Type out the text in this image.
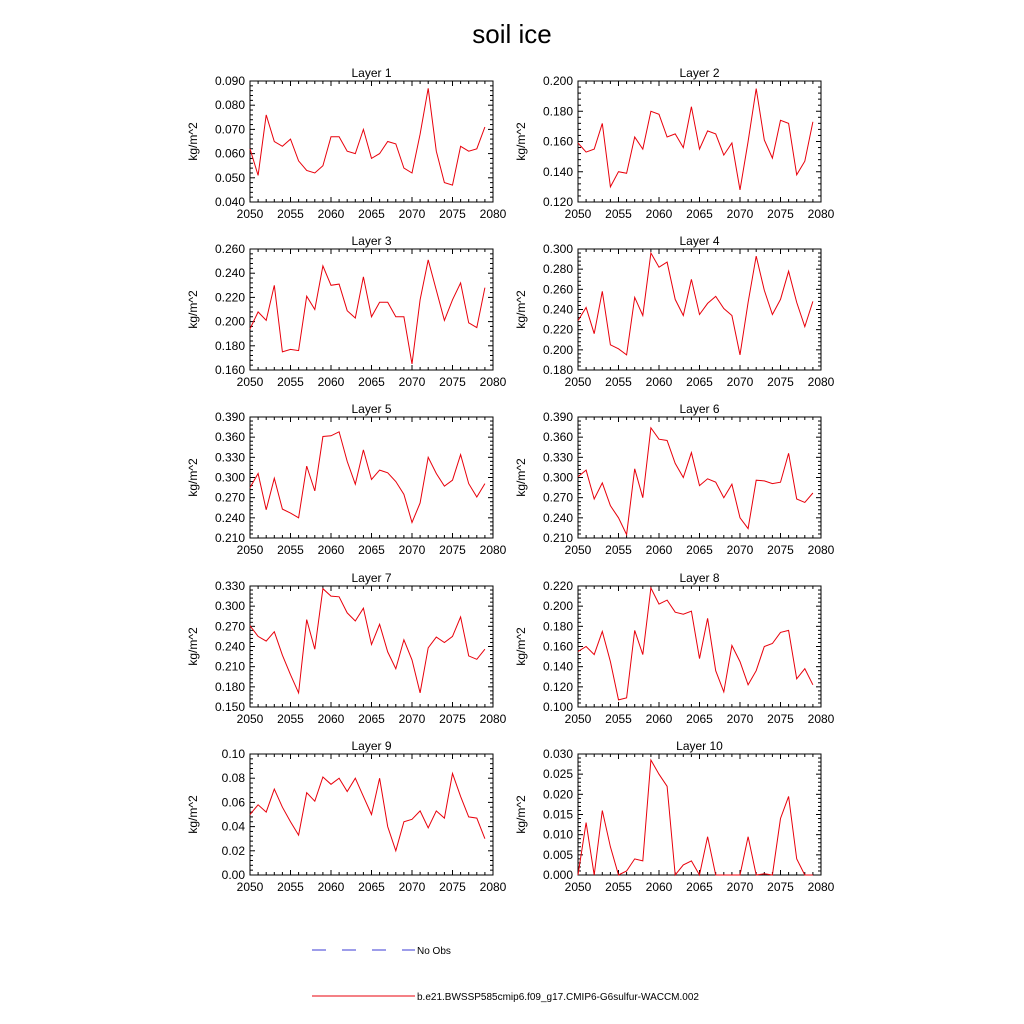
soil ice
Layer 1
0.040
0.050
0.060
0.070
0.080
0.090
2050 2055 2060 2065 2070 2075 2080
kg/m^2
Layer 2
0.120
0.140
0.160
0.180
0.200
2050 2055 2060 2065 2070 2075 2080
kg/m^2
Layer 3
0.160
0.180
0.200
0.220
0.240
0.260
2050 2055 2060 2065 2070 2075 2080
kg/m^2
Layer 4
0.180
0.200
0.220
0.240
0.260
0.280
0.300
2050 2055 2060 2065 2070 2075 2080
kg/m^2
Layer 5
0.210
0.240
0.270
0.300
0.330
0.360
0.390
2050 2055 2060 2065 2070 2075 2080
kg/m^2
Layer 6
0.210
0.240
0.270
0.300
0.330
0.360
0.390
2050 2055 2060 2065 2070 2075 2080
kg/m^2
Layer 7
0.150
0.180
0.210
0.240
0.270
0.300
0.330
2050 2055 2060 2065 2070 2075 2080
kg/m^2
Layer 8
0.100
0.120
0.140
0.160
0.180
0.200
0.220
2050 2055 2060 2065 2070 2075 2080
kg/m^2
Layer 9
0.00
0.02
0.04
0.06
0.08
0.10
2050 2055 2060 2065 2070 2075 2080
kg/m^2
Layer 10
0.000
0.005
0.010
0.015
0.020
0.025
0.030
2050 2055 2060 2065 2070 2075 2080
kg/m^2
No Obs
b.e21.BWSSP585cmip6.f09_g17.CMIP6-G6sulfur-WACCM.002
